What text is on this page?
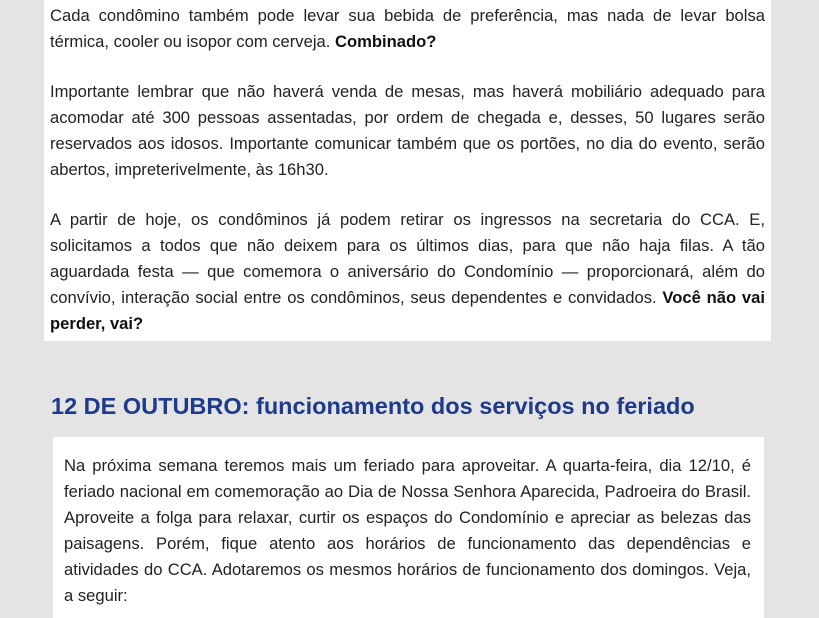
Cada condômino também pode levar sua bebida de preferência, mas nada de levar bolsa térmica, cooler ou isopor com cerveja. Combinado?

Importante lembrar que não haverá venda de mesas, mas haverá mobiliário adequado para acomodar até 300 pessoas assentadas, por ordem de chegada e, desses, 50 lugares serão reservados aos idosos. Importante comunicar também que os portões, no dia do evento, serão abertos, impreterivelmente, às 16h30.

A partir de hoje, os condôminos já podem retirar os ingressos na secretaria do CCA. E, solicitamos a todos que não deixem para os últimos dias, para que não haja filas. A tão aguardada festa — que comemora o aniversário do Condomínio — proporcionará, além do convívio, interação social entre os condôminos, seus dependentes e convidados. Você não vai perder, vai?

12 DE OUTUBRO: funcionamento dos serviços no feriado

Na próxima semana teremos mais um feriado para aproveitar. A quarta-feira, dia 12/10, é feriado nacional em comemoração ao Dia de Nossa Senhora Aparecida, Padroeira do Brasil. Aproveite a folga para relaxar, curtir os espaços do Condomínio e apreciar as belezas das paisagens. Porém, fique atento aos horários de funcionamento das dependências e atividades do CCA. Adotaremos os mesmos horários de funcionamento dos domingos. Veja, a seguir:
